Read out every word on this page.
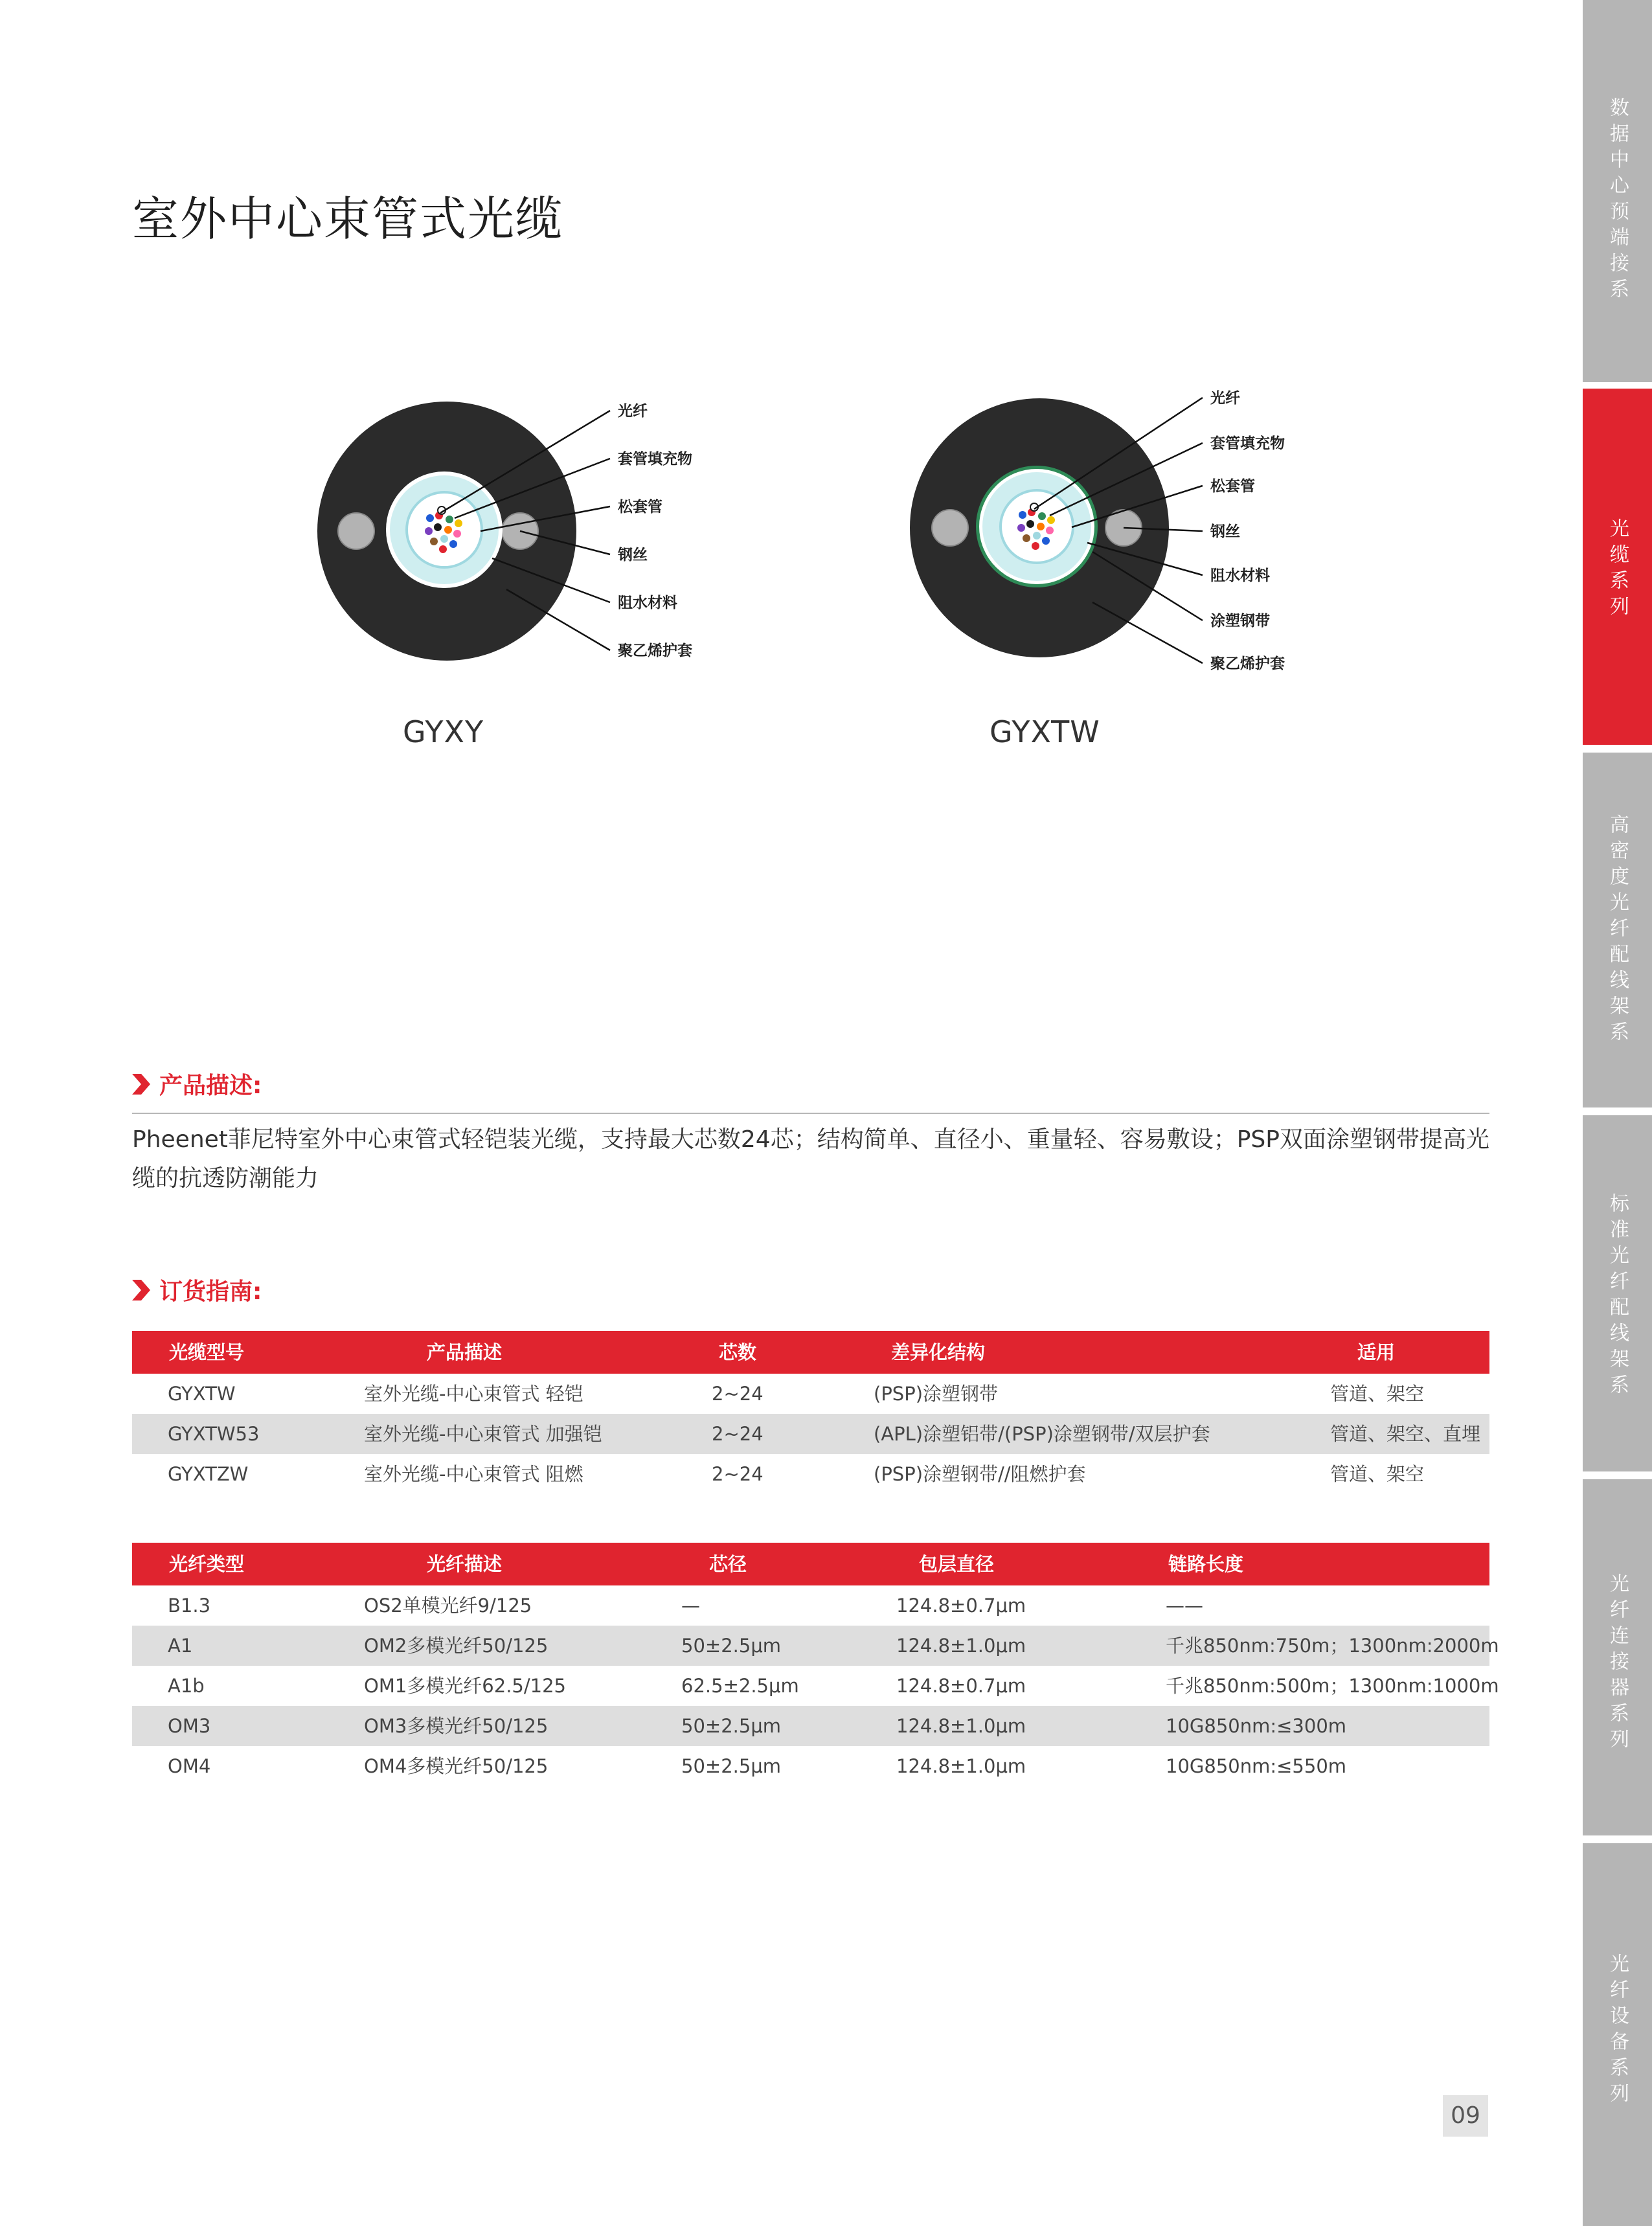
数据中心预端接系列
光缆系列
高密度光纤配线架系列
标准光纤配线架系列
光纤连接器系列
光纤设备系列
室外中心束管式光缆
光纤
套管填充物
松套管
钢丝
阻水材料
聚乙烯护套
GYXY
光纤
套管填充物
松套管
钢丝
阻水材料
涂塑钢带
聚乙烯护套
GYXTW
产品描述:

Pheenet菲尼特室外中心束管式轻铠装光缆，支持最大芯数24芯；结构简单、直径小、重量轻、容易敷设；PSP双面涂塑钢带提高光缆的抗透防潮能力

订货指南:
光缆型号	产品描述	芯数	差异化结构	适用
GYXTW	室外光缆-中心束管式 轻铠	2~24	(PSP)涂塑钢带	管道、架空
GYXTW53	室外光缆-中心束管式 加强铠	2~24	(APL)涂塑铝带/(PSP)涂塑钢带/双层护套	管道、架空、直埋
GYXTZW	室外光缆-中心束管式 阻燃	2~24	(PSP)涂塑钢带//阻燃护套	管道、架空
光纤类型	光纤描述	芯径	包层直径	链路长度
B1.3	OS2单模光纤9/125	—	124.8±0.7μm	——
A1	OM2多模光纤50/125	50±2.5μm	124.8±1.0μm	千兆850nm:750m；1300nm:2000m
A1b	OM1多模光纤62.5/125	62.5±2.5μm	124.8±0.7μm	千兆850nm:500m；1300nm:1000m
OM3	OM3多模光纤50/125	50±2.5μm	124.8±1.0μm	10G850nm:≤300m
OM4	OM4多模光纤50/125	50±2.5μm	124.8±1.0μm	10G850nm:≤550m
09
